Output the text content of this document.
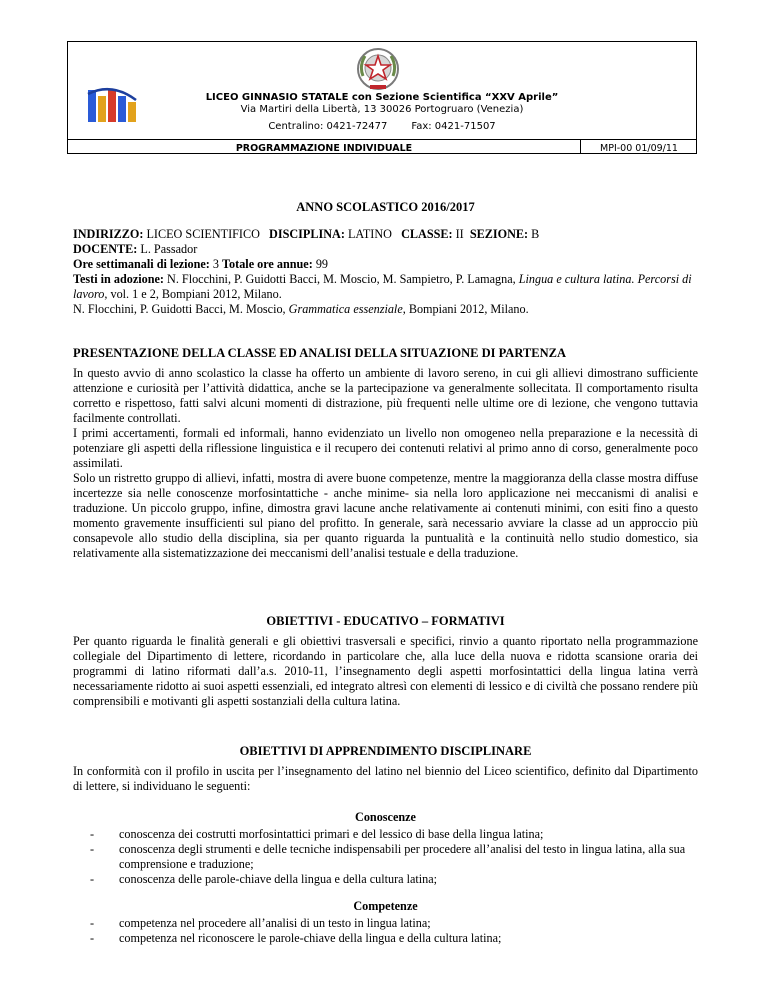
LICEO GINNASIO STATALE con Sezione Scientifica “XXV Aprile”
Via Martiri della Libertà, 13 30026 Portogruaro (Venezia)
Centralino: 0421-72477 Fax: 0421-71507
PROGRAMMAZIONE INDIVIDUALE	MPI-00 01/09/11
ANNO SCOLASTICO 2016/2017

INDIRIZZO: LICEO SCIENTIFICO   DISCIPLINA: LATINO   CLASSE: II  SEZIONE: B

DOCENTE: L. Passador

Ore settimanali di lezione: 3 Totale ore annue: 99

Testi in adozione: N. Flocchini, P. Guidotti Bacci, M. Moscio, M. Sampietro, P. Lamagna, Lingua e cultura latina. Percorsi di lavoro, vol. 1 e 2, Bompiani 2012, Milano.

N. Flocchini, P. Guidotti Bacci, M. Moscio, Grammatica essenziale, Bompiani 2012, Milano.

PRESENTAZIONE DELLA CLASSE ED ANALISI DELLA SITUAZIONE DI PARTENZA

In questo avvio di anno scolastico la classe ha offerto un ambiente di lavoro sereno, in cui gli allievi dimostrano sufficiente attenzione e curiosità per l’attività didattica, anche se la partecipazione va generalmente sollecitata. Il comportamento risulta corretto e rispettoso, fatti salvi alcuni momenti di distrazione, più frequenti nelle ultime ore di lezione, che vengono tuttavia facilmente controllati.

I primi accertamenti, formali ed informali, hanno evidenziato un livello non omogeneo nella preparazione e la necessità di potenziare gli aspetti della riflessione linguistica e il recupero dei contenuti relativi al primo anno di corso, generalmente poco assimilati.

Solo un ristretto gruppo di allievi, infatti, mostra di avere buone competenze, mentre la maggioranza della classe mostra diffuse incertezze sia nelle conoscenze morfosintattiche - anche minime- sia nella loro applicazione nei meccanismi di analisi e traduzione. Un piccolo gruppo, infine, dimostra gravi lacune anche relativamente ai contenuti minimi, con esiti fino a questo momento gravemente insufficienti sul piano del profitto. In generale, sarà necessario avviare la classe ad un approccio più consapevole allo studio della disciplina, sia per quanto riguarda la puntualità e la continuità nello studio domestico, sia relativamente alla sistematizzazione dei meccanismi dell’analisi testuale e della traduzione.

OBIETTIVI - EDUCATIVO – FORMATIVI

Per quanto riguarda le finalità generali e gli obiettivi trasversali e specifici, rinvio a quanto riportato nella programmazione collegiale del Dipartimento di lettere, ricordando in particolare che, alla luce della nuova e ridotta scansione oraria dei programmi di latino riformati dall’a.s. 2010-11, l’insegnamento degli aspetti morfosintattici della lingua latina verrà necessariamente ridotto ai suoi aspetti essenziali, ed integrato altresì con elementi di lessico e di civiltà che possano rendere più comprensibili e motivanti gli aspetti sostanziali della cultura latina.

OBIETTIVI DI APPRENDIMENTO DISCIPLINARE

In conformità con il profilo in uscita per l’insegnamento del latino nel biennio del Liceo scientifico, definito dal Dipartimento di lettere, si individuano le seguenti:

Conoscenze
- conoscenza dei costrutti morfosintattici primari e del lessico di base della lingua latina;
- conoscenza degli strumenti e delle tecniche indispensabili per procedere all’analisi del testo in lingua latina, alla sua comprensione e traduzione;
- conoscenza delle parole-chiave della lingua e della cultura latina;
Competenze
- competenza nel procedere all’analisi di un testo in lingua latina;
- competenza nel riconoscere le parole-chiave della lingua e della cultura latina;
